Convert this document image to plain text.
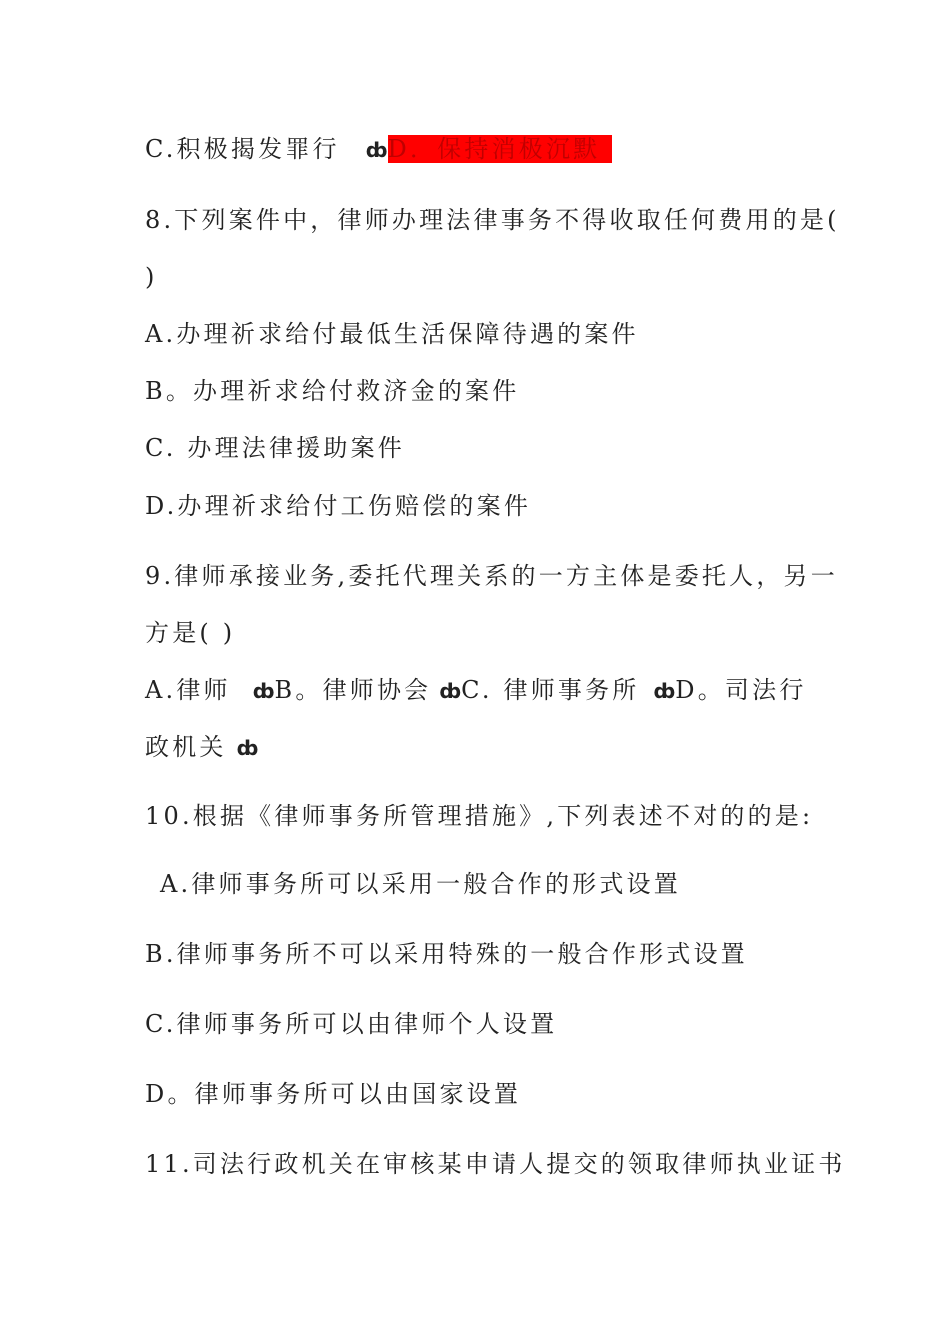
C.积极揭发罪行 ȸD．保持消极沉默
8.下列案件中，律师办理法律事务不得收取任何费用的是(
)
A.办理祈求给付最低生活保障待遇的案件
B。办理祈求给付救济金的案件
C. 办理法律援助案件
D.办理祈求给付工伤赔偿的案件
9.律师承接业务,委托代理关系的一方主体是委托人，另一
方是( )
A.律师 ȸB。律师协会 ȸC. 律师事务所 ȸD。司法行
政机关 ȸ
10.根据《律师事务所管理措施》,下列表述不对的的是:
A.律师事务所可以采用一般合作的形式设置
B.律师事务所不可以采用特殊的一般合作形式设置
C.律师事务所可以由律师个人设置
D。律师事务所可以由国家设置
11.司法行政机关在审核某申请人提交的领取律师执业证书
